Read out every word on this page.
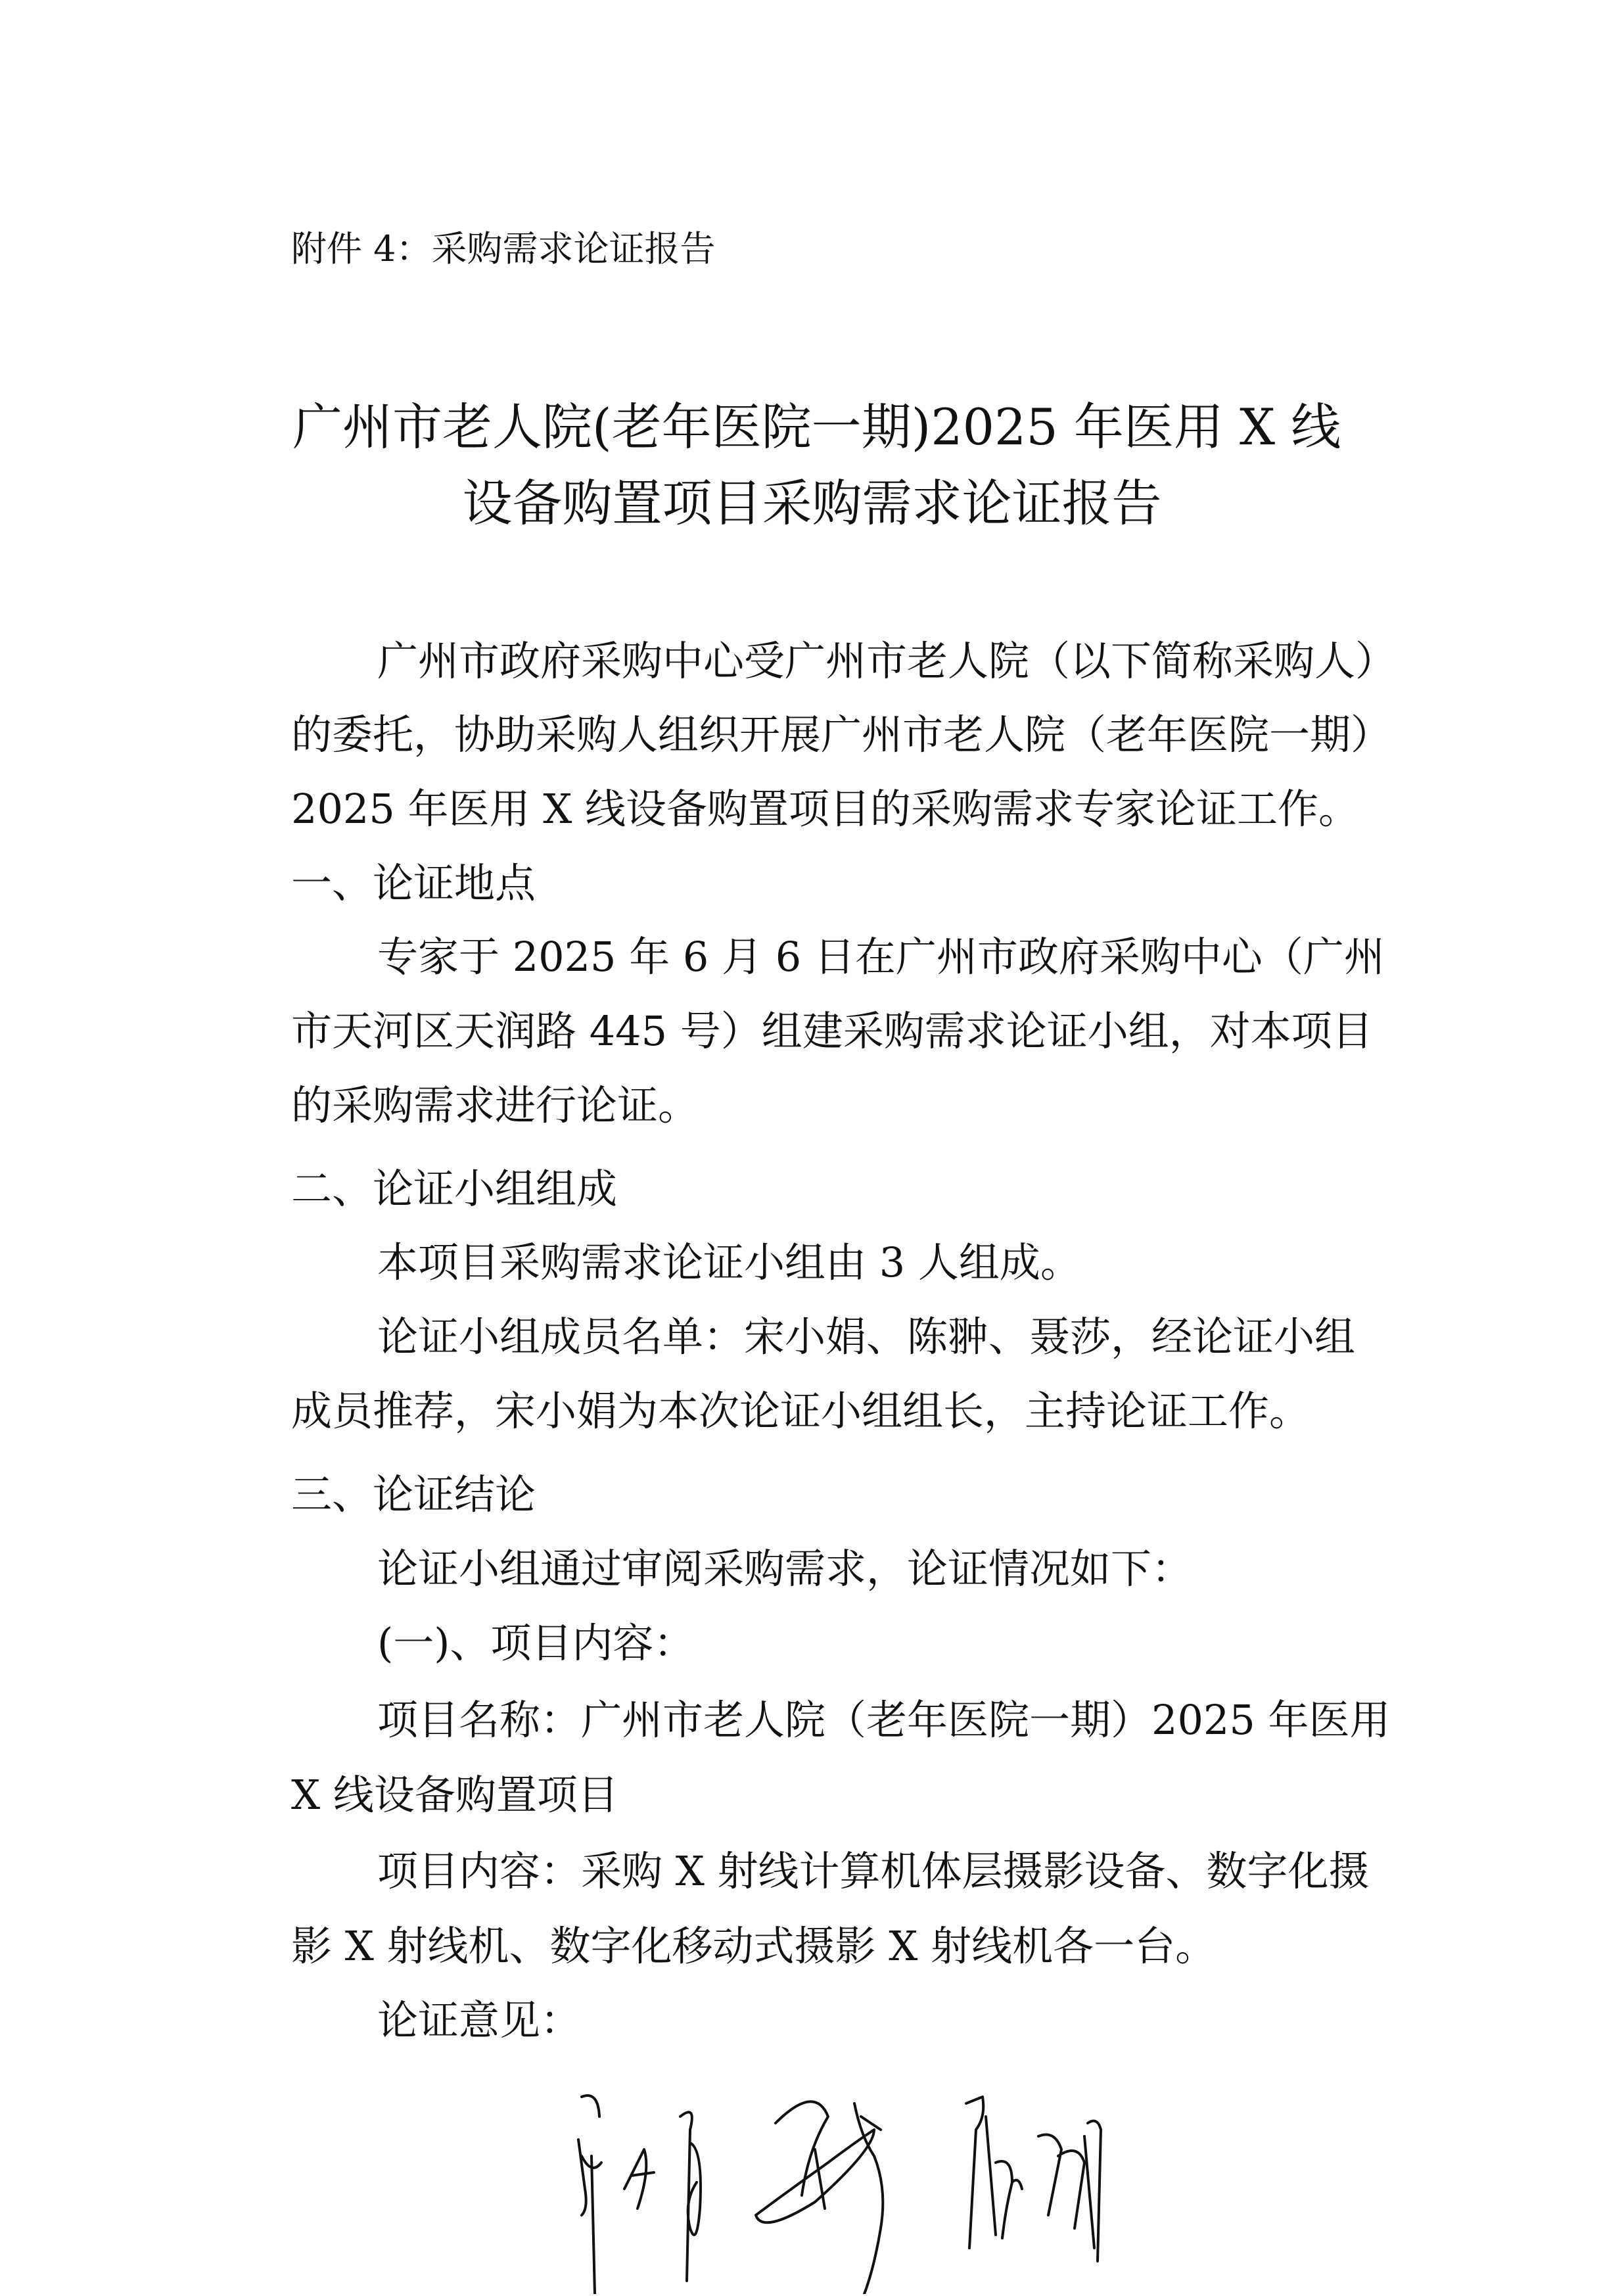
附件 4：采购需求论证报告
广州市老人院(老年医院一期)2025 年医用 X 线
设备购置项目采购需求论证报告
广州市政府采购中心受广州市老人院（以下简称采购人）
的委托，协助采购人组织开展广州市老人院（老年医院一期）
2025 年医用 X 线设备购置项目的采购需求专家论证工作。
一、论证地点
专家于 2025 年 6 月 6 日在广州市政府采购中心（广州
市天河区天润路 445 号）组建采购需求论证小组，对本项目
的采购需求进行论证。
二、论证小组组成
本项目采购需求论证小组由 3 人组成。
论证小组成员名单：宋小娟、陈翀、聂莎，经论证小组
成员推荐，宋小娟为本次论证小组组长，主持论证工作。
三、论证结论
论证小组通过审阅采购需求，论证情况如下：
(一)、项目内容：
项目名称：广州市老人院（老年医院一期）2025 年医用
X 线设备购置项目
项目内容：采购 X 射线计算机体层摄影设备、数字化摄
影 X 射线机、数字化移动式摄影 X 射线机各一台。
论证意见：
